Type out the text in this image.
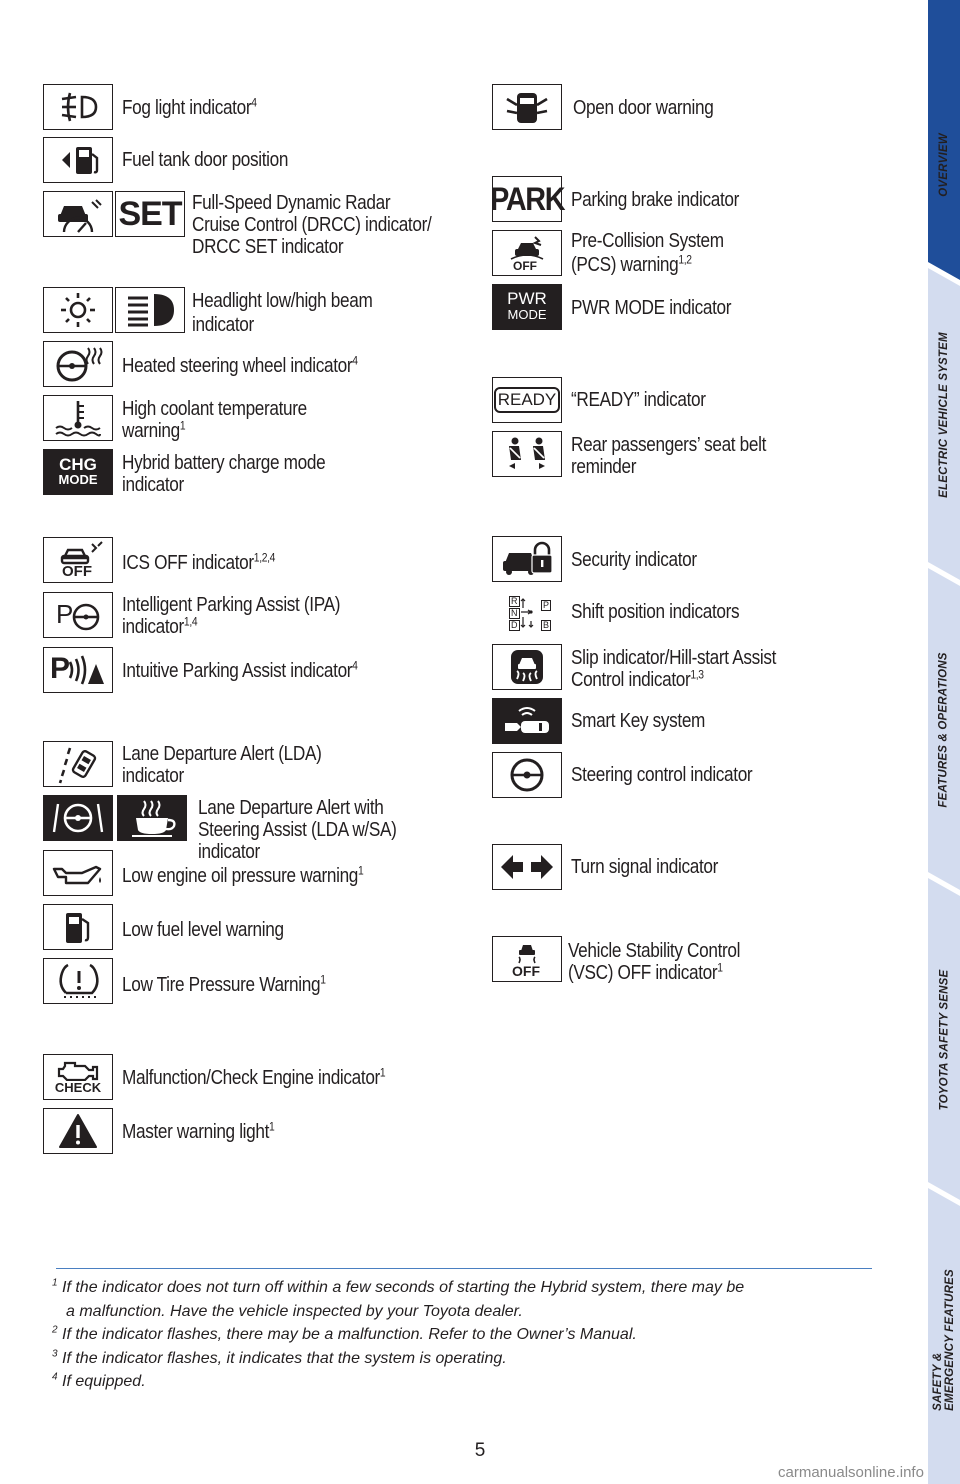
OVERVIEW
ELECTRIC VEHICLE SYSTEM
FEATURES & OPERATIONS
TOYOTA SAFETY SENSE
SAFETY & EMERGENCY FEATURES
Fog light indicator$^4$
Fuel tank door position
SET Full-Speed Dynamic Radar
Cruise Control (DRCC) indicator/
DRCC SET indicator
Headlight low/high beam
indicator
Heated steering wheel indicator$^4$
High coolant temperature
warning$^1$
CHG
MODE
Hybrid battery charge mode
indicator
OFF ICS OFF indicator$^{1,2,4}$
P Intelligent Parking Assist (IPA)
indicator$^{1,4}$
P	Intuitive Parking Assist indicator$^4$
Lane Departure Alert (LDA)
indicator
Lane Departure Alert with
Steering Assist (LDA w/SA)
indicator
Low engine oil pressure warning$^1$
Low fuel level warning
Low Tire Pressure Warning$^1$
CHECK Malfunction/Check Engine indicator$^1$
Master warning light$^1$
Open door warning
PARK Parking brake indicator
OFF
Pre-Collision System
(PCS) warning$^{1,2}$
PWR
MODE PWR MODE indicator
READY “READY” indicator
Rear passengers’ seat belt
reminder
Security indicator
R
N
D
P
B
Shift position indicators
Slip indicator/Hill-start Assist
Control indicator$^{1,3}$
Smart Key system
Steering control indicator
Turn signal indicator
OFF
Vehicle Stability Control
(VSC) OFF indicator$^1$

$^1$ If the indicator does not turn off within a few seconds of starting the Hybrid system, there may be

a malfunction. Have the vehicle inspected by your Toyota dealer.

$^2$ If the indicator flashes, there may be a malfunction. Refer to the Owner’s Manual.

$^3$ If the indicator flashes, it indicates that the system is operating.

$^4$ If equipped.

5
carmanualsonline.info
